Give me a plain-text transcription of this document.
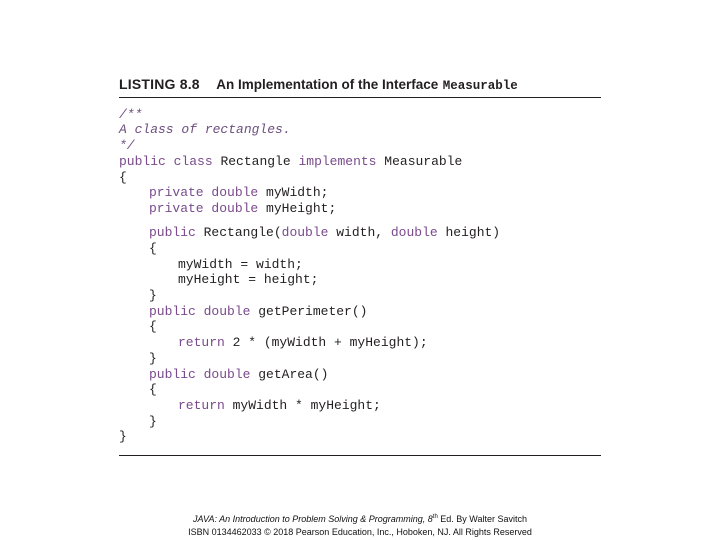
LISTING 8.8 An Implementation of the Interface Measurable
/**
A class of rectangles.
*/
public class Rectangle implements Measurable
{
private double myWidth;
private double myHeight;
public Rectangle(double width, double height)
{
myWidth = width;
myHeight = height;
}
public double getPerimeter()
{
return 2 * (myWidth + myHeight);
}
public double getArea()
{
return myWidth * myHeight;
}
}
JAVA: An Introduction to Problem Solving & Programming, 8th Ed. By Walter Savitch
ISBN 0134462033 © 2018 Pearson Education, Inc., Hoboken, NJ. All Rights Reserved
